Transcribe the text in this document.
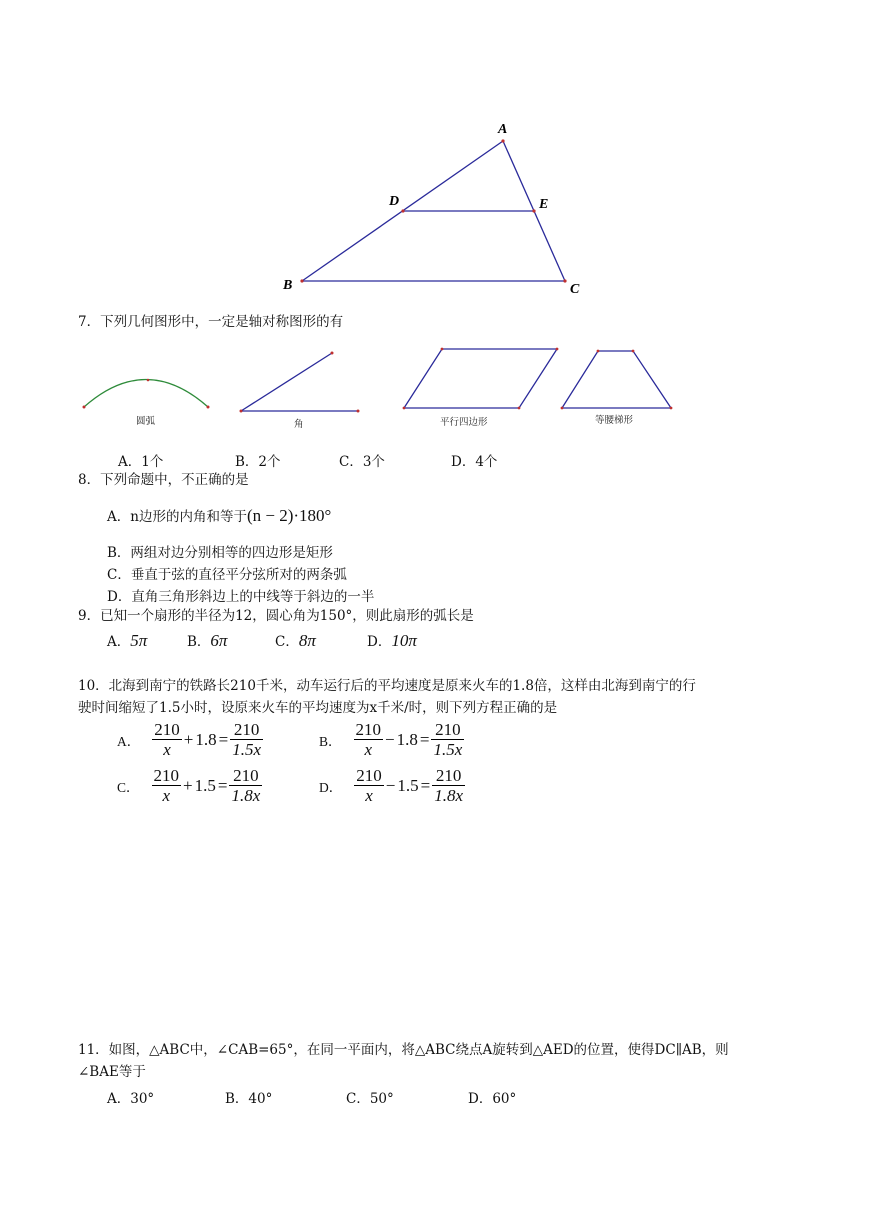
A
D	E
B	C
7．下列几何图形中，一定是轴对称图形的有
圆弧	角	平行四边形	等腰梯形
A．1个	B．2个	C．3个	D．4个
8．下列命题中，不正确的是
A．n边形的内角和等于(n − 2)·180°
B．两组对边分别相等的四边形是矩形
C．垂直于弦的直径平分弦所对的两条弧
D．直角三角形斜边上的中线等于斜边的一半
9．已知一个扇形的半径为12，圆心角为150°，则此扇形的弧长是
A．5π	B．6π	C．8π	D．10π
10．北海到南宁的铁路长210千米，动车运行后的平均速度是原来火车的1.8倍，这样由北海到南宁的行
驶时间缩短了1.5小时，设原来火车的平均速度为x千米/时，则下列方程正确的是
A． $\frac{210}{x} + 1.8 = \frac{210}{1.5x}$	B． $\frac{210}{x} - 1.8 = \frac{210}{1.5x}$
C． $\frac{210}{x} + 1.5 = \frac{210}{1.8x}$	D． $\frac{210}{x} - 1.5 = \frac{210}{1.8x}$
11．如图，△ABC中，∠CAB=65°，在同一平面内，将△ABC绕点A旋转到△AED的位置，使得DC∥AB，则
∠BAE等于
A．30°	B．40°	C．50°	D．60°
